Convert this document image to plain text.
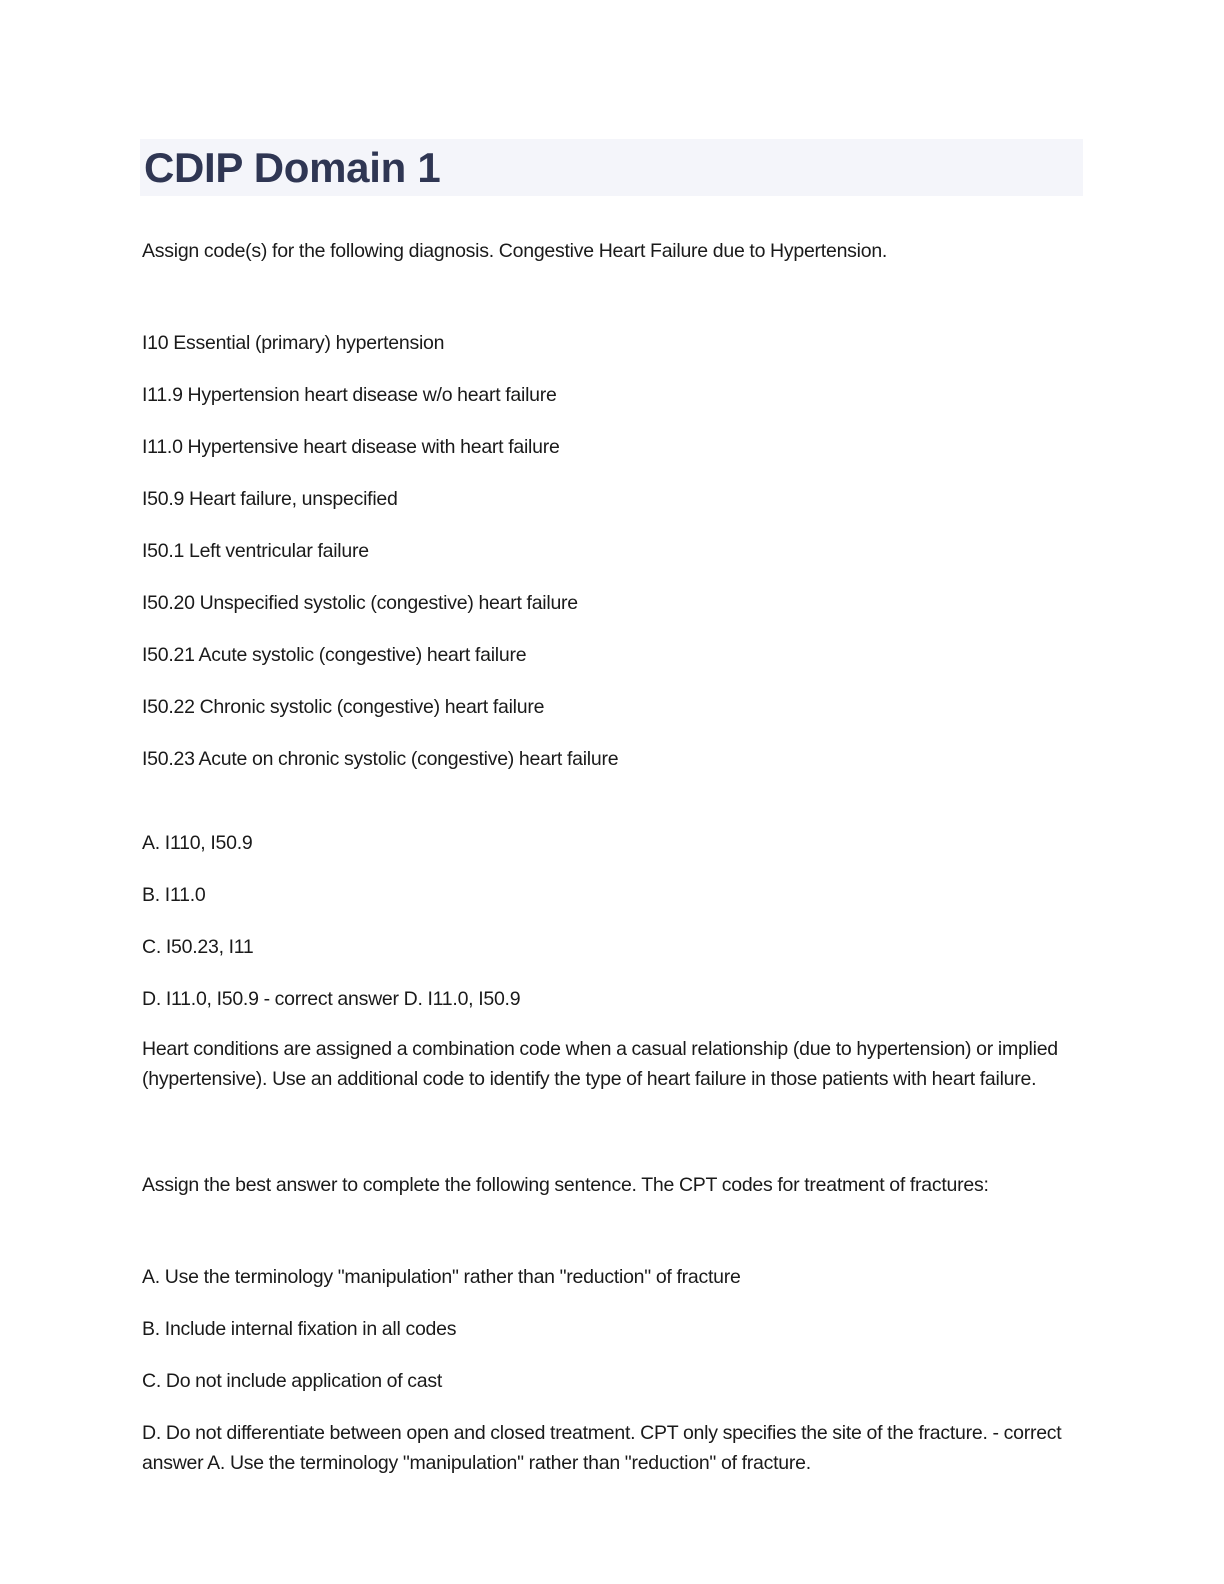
CDIP Domain 1

Assign code(s) for the following diagnosis. Congestive Heart Failure due to Hypertension.

I10 Essential (primary) hypertension

I11.9 Hypertension heart disease w/o heart failure

I11.0 Hypertensive heart disease with heart failure

I50.9 Heart failure, unspecified

I50.1 Left ventricular failure

I50.20 Unspecified systolic (congestive) heart failure

I50.21 Acute systolic (congestive) heart failure

I50.22 Chronic systolic (congestive) heart failure

I50.23 Acute on chronic systolic (congestive) heart failure

A. I110, I50.9

B. I11.0

C. I50.23, I11

D. I11.0, I50.9 - correct answer D. I11.0, I50.9

Heart conditions are assigned a combination code when a casual relationship (due to hypertension) or implied (hypertensive). Use an additional code to identify the type of heart failure in those patients with heart failure.

Assign the best answer to complete the following sentence. The CPT codes for treatment of fractures:

A. Use the terminology "manipulation" rather than "reduction" of fracture

B. Include internal fixation in all codes

C. Do not include application of cast

D. Do not differentiate between open and closed treatment. CPT only specifies the site of the fracture. - correct answer A. Use the terminology "manipulation" rather than "reduction" of fracture.
